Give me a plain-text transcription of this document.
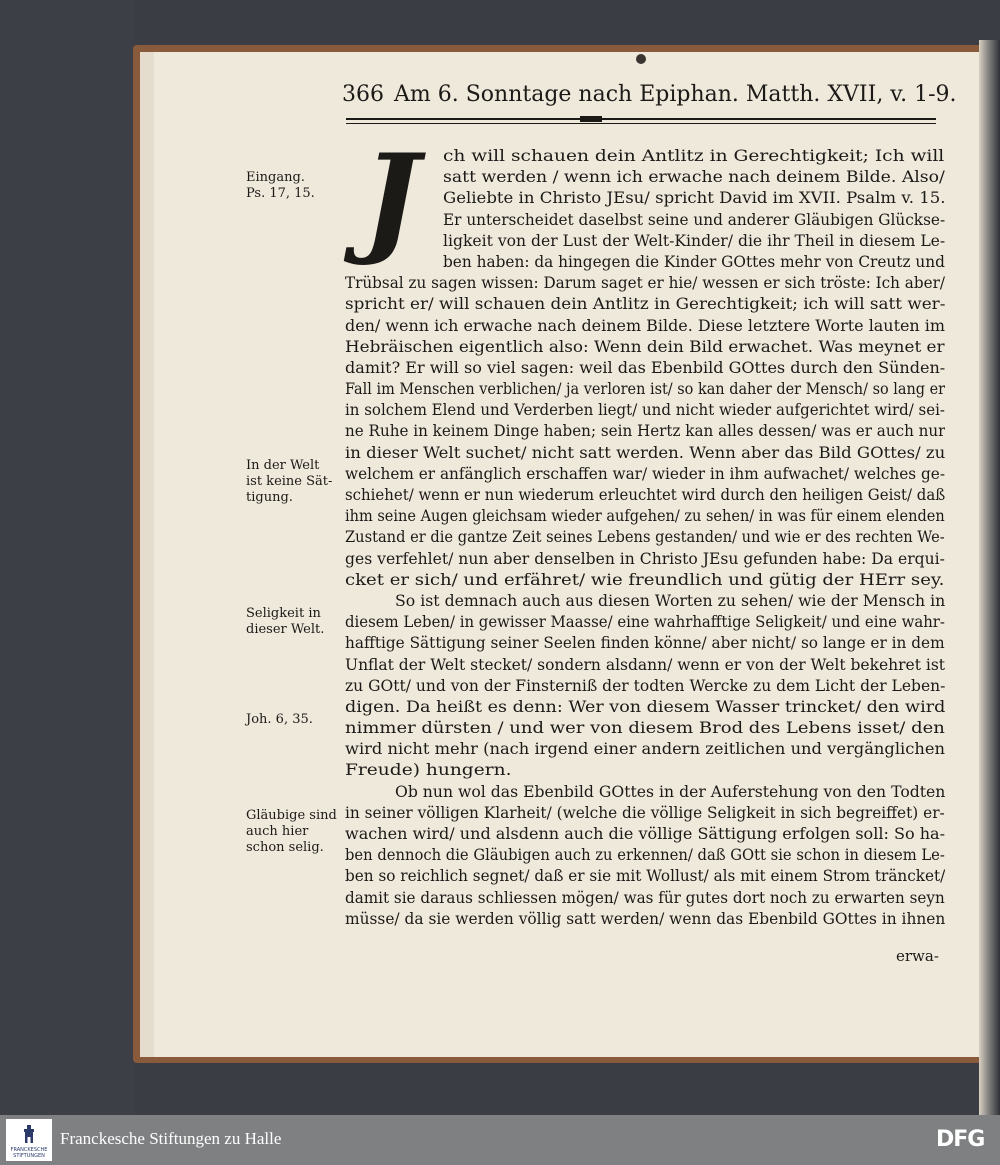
366 Am 6. Sonntage nach Epiphan. Matth. XVII, v. 1-9.
J	ch will schauen dein Antlitz in Gerechtigkeit; Ich will
satt werden / wenn ich erwache nach deinem Bilde. Also/
Geliebte in Christo JEsu/ spricht David im XVII. Psalm v. 15.
Er unterscheidet daselbst seine und anderer Gläubigen Glückse-
ligkeit von der Lust der Welt-Kinder/ die ihr Theil in diesem Le-
ben haben: da hingegen die Kinder GOttes mehr von Creutz und
Trübsal zu sagen wissen: Darum saget er hie/ wessen er sich tröste: Ich aber/
spricht er/ will schauen dein Antlitz in Gerechtigkeit; ich will satt wer-
den/ wenn ich erwache nach deinem Bilde. Diese letztere Worte lauten im
Hebräischen eigentlich also: Wenn dein Bild erwachet. Was meynet er
damit? Er will so viel sagen: weil das Ebenbild GOttes durch den Sünden-
Fall im Menschen verblichen/ ja verloren ist/ so kan daher der Mensch/ so lang er
in solchem Elend und Verderben liegt/ und nicht wieder aufgerichtet wird/ sei-
ne Ruhe in keinem Dinge haben; sein Hertz kan alles dessen/ was er auch nur
in dieser Welt suchet/ nicht satt werden. Wenn aber das Bild GOttes/ zu
welchem er anfänglich erschaffen war/ wieder in ihm aufwachet/ welches ge-
schiehet/ wenn er nun wiederum erleuchtet wird durch den heiligen Geist/ daß
ihm seine Augen gleichsam wieder aufgehen/ zu sehen/ in was für einem elenden
Zustand er die gantze Zeit seines Lebens gestanden/ und wie er des rechten We-
ges verfehlet/ nun aber denselben in Christo JEsu gefunden habe: Da erqui-
cket er sich/ und erfähret/ wie freundlich und gütig der HErr sey.
So ist demnach auch aus diesen Worten zu sehen/ wie der Mensch in
diesem Leben/ in gewisser Maasse/ eine wahrhafftige Seligkeit/ und eine wahr-
hafftige Sättigung seiner Seelen finden könne/ aber nicht/ so lange er in dem
Unflat der Welt stecket/ sondern alsdann/ wenn er von der Welt bekehret ist
zu GOtt/ und von der Finsterniß der todten Wercke zu dem Licht der Leben-
digen. Da heißt es denn: Wer von diesem Wasser trincket/ den wird
nimmer dürsten / und wer von diesem Brod des Lebens isset/ den
wird nicht mehr (nach irgend einer andern zeitlichen und vergänglichen
Freude) hungern.
Ob nun wol das Ebenbild GOttes in der Auferstehung von den Todten
in seiner völligen Klarheit/ (welche die völlige Seligkeit in sich begreiffet) er-
wachen wird/ und alsdenn auch die völlige Sättigung erfolgen soll: So ha-
ben dennoch die Gläubigen auch zu erkennen/ daß GOtt sie schon in diesem Le-
ben so reichlich segnet/ daß er sie mit Wollust/ als mit einem Strom träncket/
damit sie daraus schliessen mögen/ was für gutes dort noch zu erwarten seyn
müsse/ da sie werden völlig satt werden/ wenn das Ebenbild GOttes in ihnen
Eingang.
Ps. 17, 15.
In der Welt
ist keine Sät-
tigung.
Seligkeit in
dieser Welt.
Joh. 6, 35.
Gläubige sind
auch hier
schon selig.
erwa-
FRANCKESCHE STIFTUNGEN
Franckesche Stiftungen zu Halle	DFG
